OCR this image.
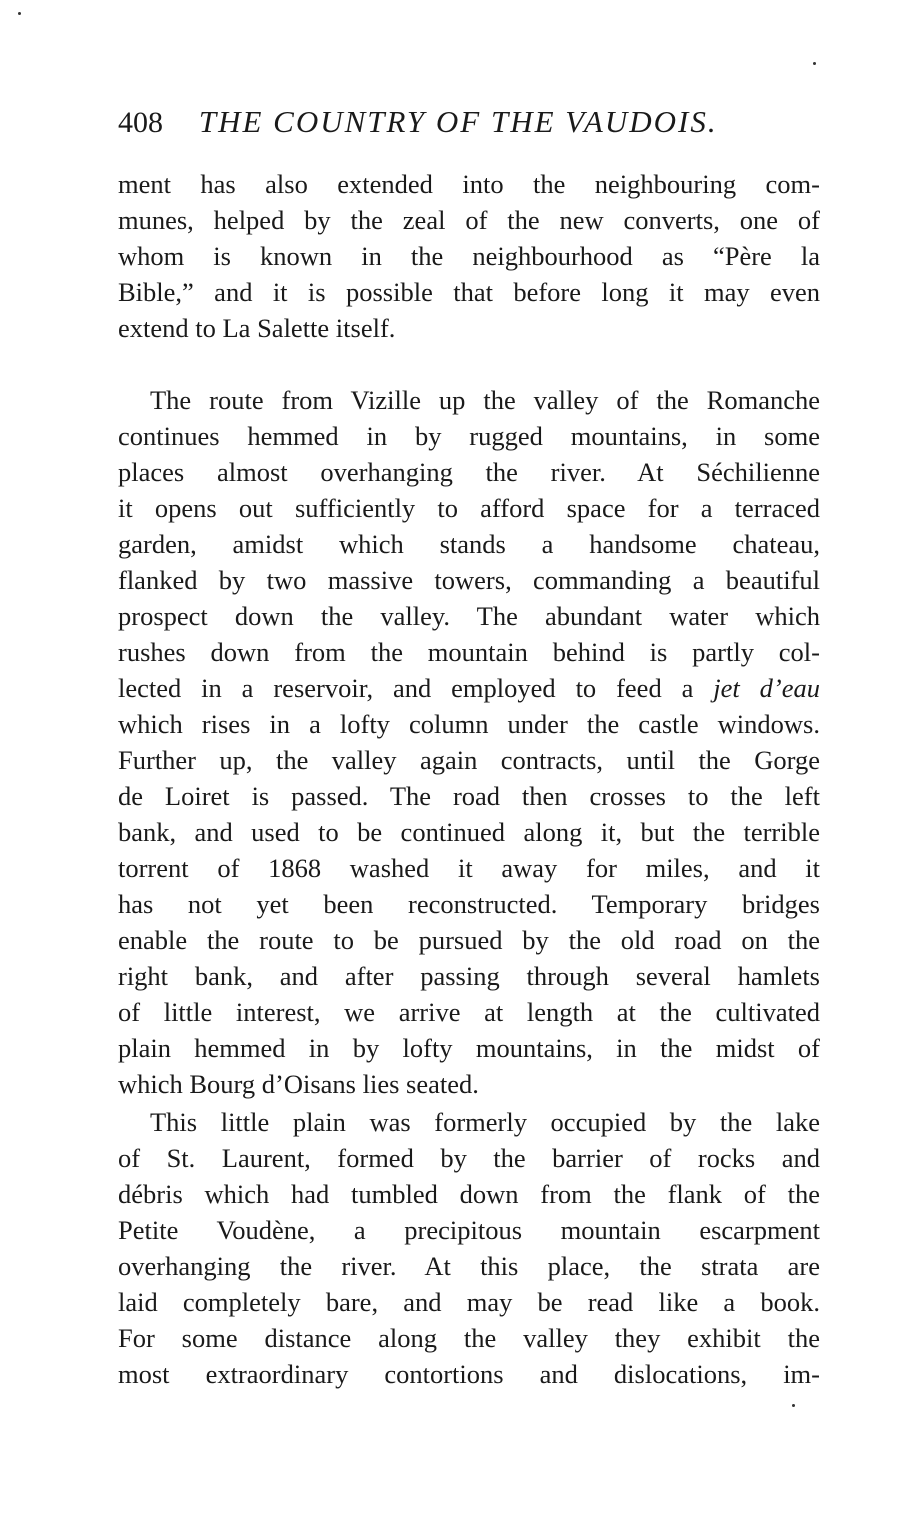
408 THE COUNTRY OF THE VAUDOIS.
ment has also extended into the neighbouring com-
munes, helped by the zeal of the new converts, one of
whom is known in the neighbourhood as “Père la
Bible,” and it is possible that before long it may even
extend to La Salette itself.
The route from Vizille up the valley of the Romanche
continues hemmed in by rugged mountains, in some
places almost overhanging the river. At Séchilienne
it opens out sufficiently to afford space for a terraced
garden, amidst which stands a handsome chateau,
flanked by two massive towers, commanding a beautiful
prospect down the valley. The abundant water which
rushes down from the mountain behind is partly col-
lected in a reservoir, and employed to feed a jet d’eau
which rises in a lofty column under the castle windows.
Further up, the valley again contracts, until the Gorge
de Loiret is passed. The road then crosses to the left
bank, and used to be continued along it, but the terrible
torrent of 1868 washed it away for miles, and it
has not yet been reconstructed. Temporary bridges
enable the route to be pursued by the old road on the
right bank, and after passing through several hamlets
of little interest, we arrive at length at the cultivated
plain hemmed in by lofty mountains, in the midst of
which Bourg d’Oisans lies seated.
This little plain was formerly occupied by the lake
of St. Laurent, formed by the barrier of rocks and
débris which had tumbled down from the flank of the
Petite Voudène, a precipitous mountain escarpment
overhanging the river. At this place, the strata are
laid completely bare, and may be read like a book.
For some distance along the valley they exhibit the
most extraordinary contortions and dislocations, im-
